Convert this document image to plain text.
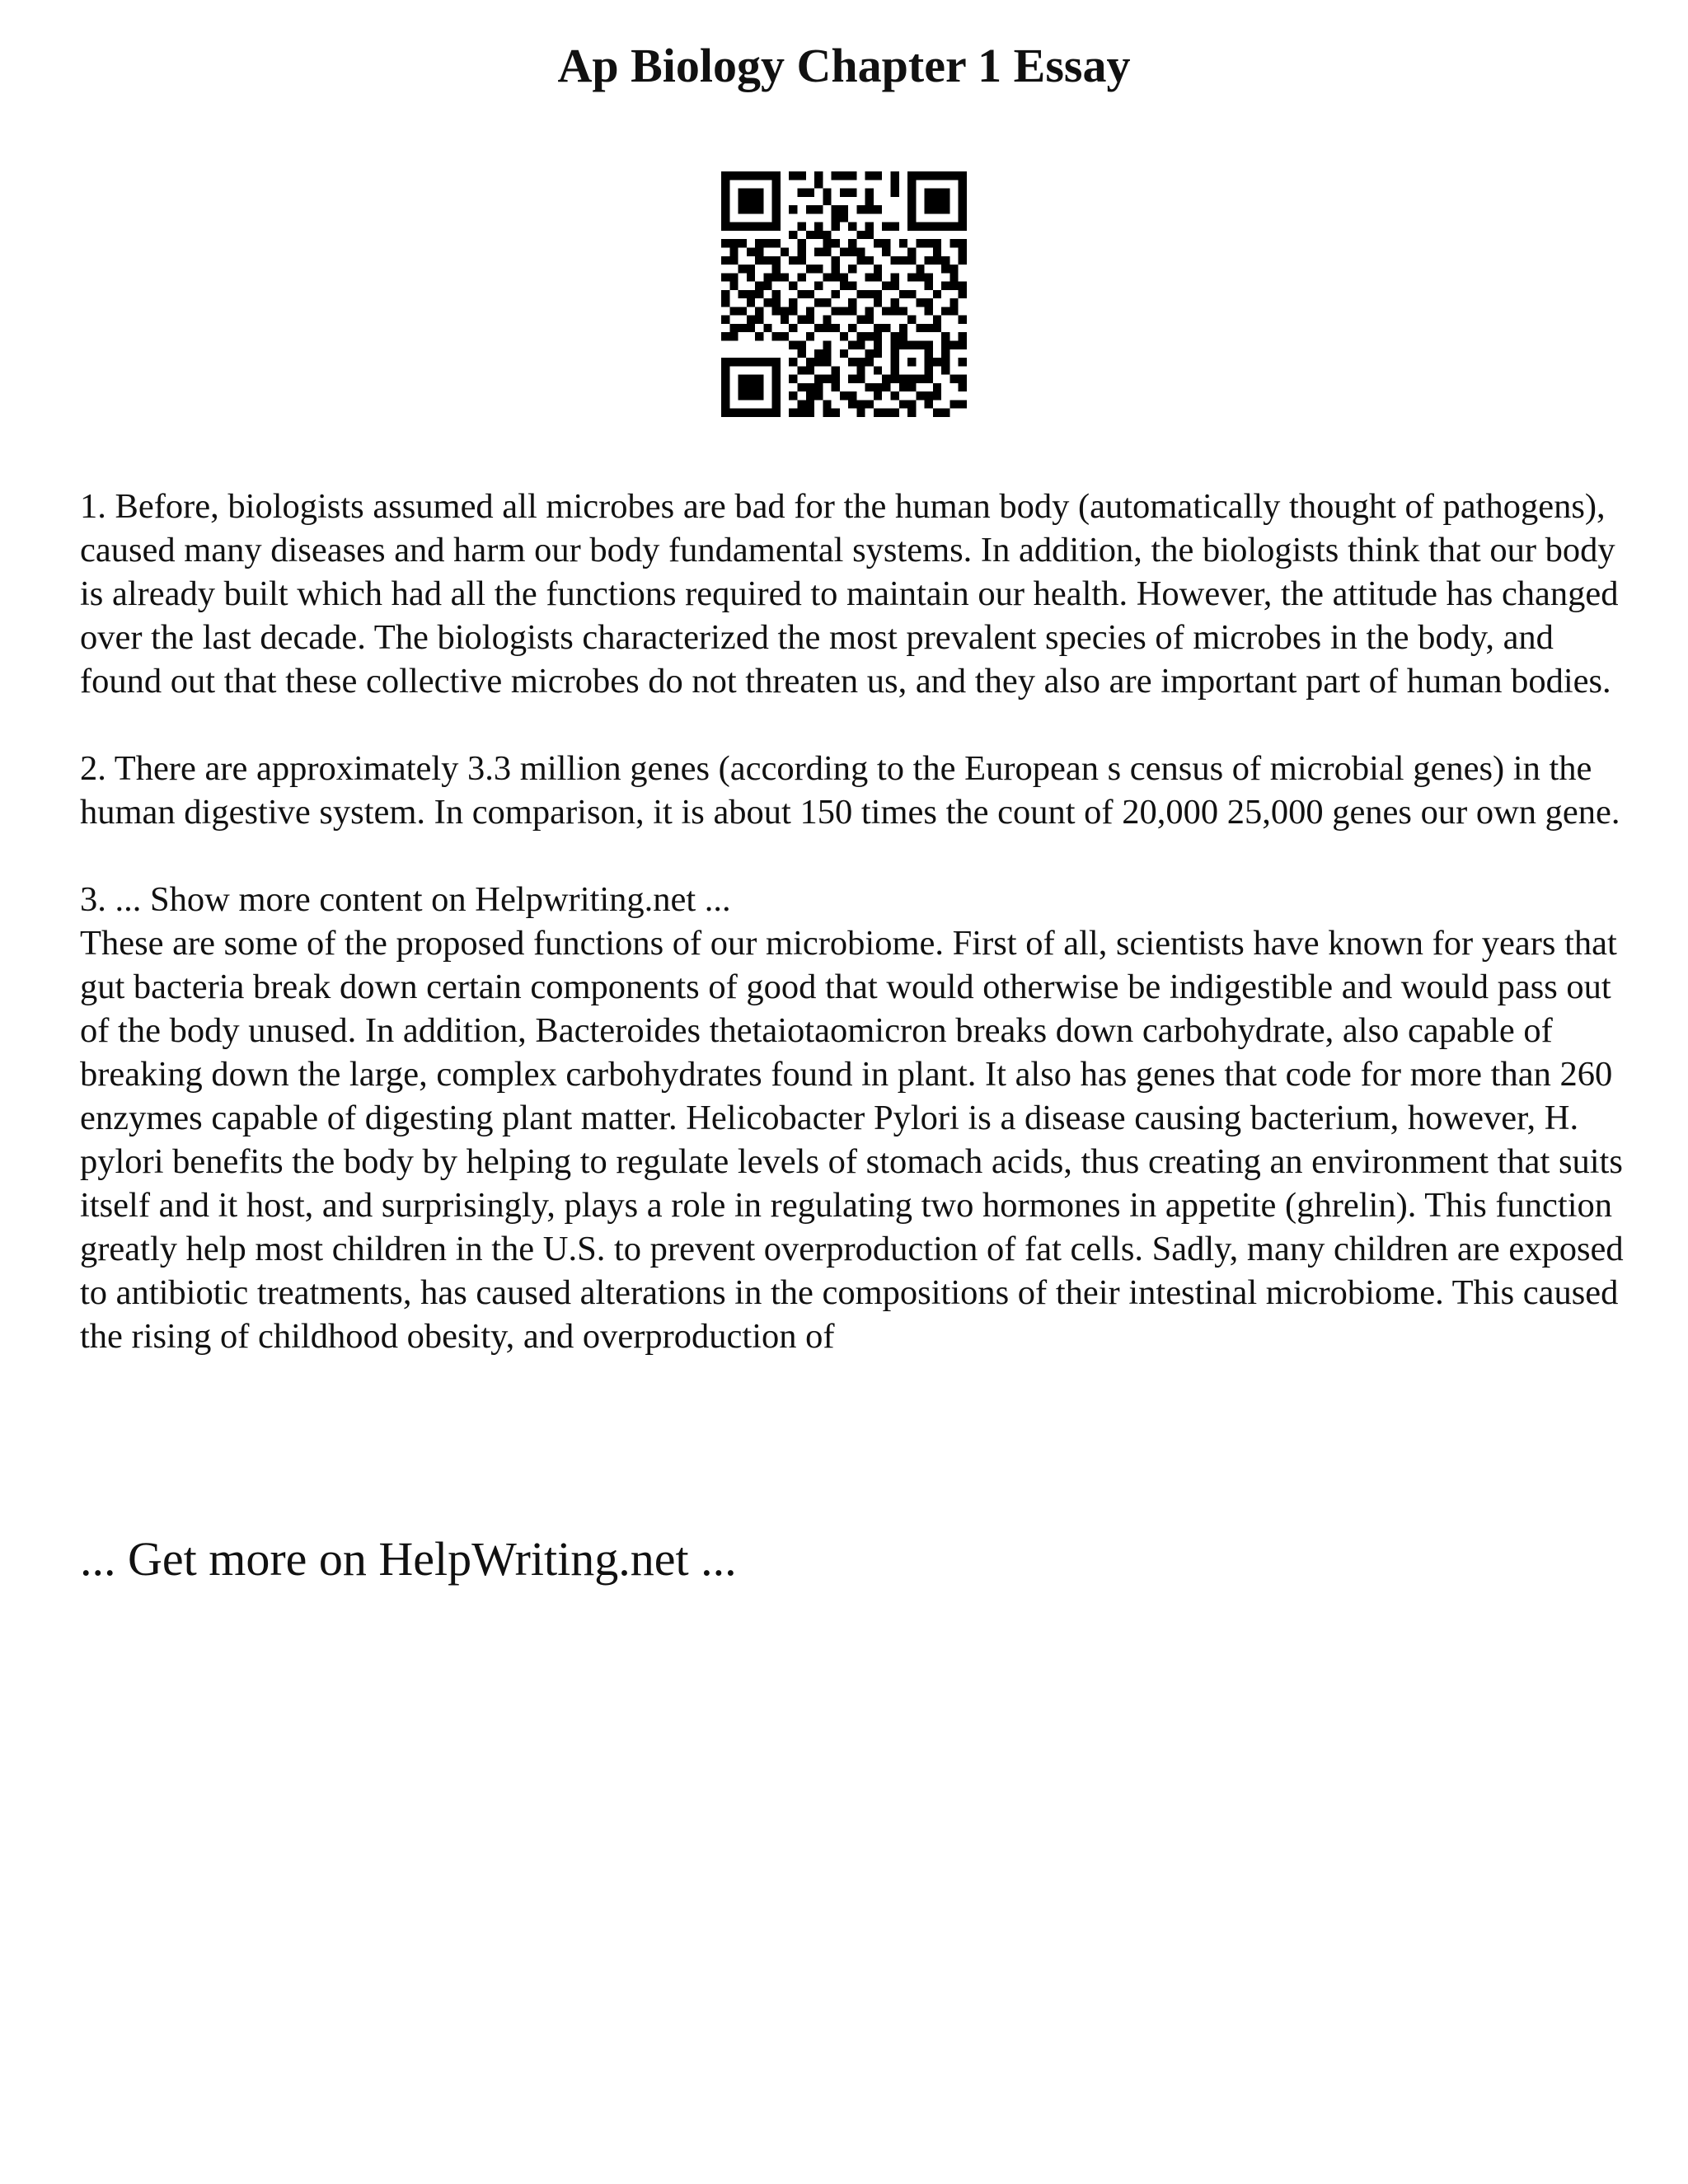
Ap Biology Chapter 1 Essay

1. Before, biologists assumed all microbes are bad for the human body (automatically thought of pathogens), caused many diseases and harm our body fundamental systems. In addition, the biologists think that our body is already built which had all the functions required to maintain our health. However, the attitude has changed over the last decade. The biologists characterized the most prevalent species of microbes in the body, and found out that these collective microbes do not threaten us, and they also are important part of human bodies.

2. There are approximately 3.3 million genes (according to the European s census of microbial genes) in the human digestive system. In comparison, it is about 150 times the count of 20,000 25,000 genes our own gene.

3. ... Show more content on Helpwriting.net ...

These are some of the proposed functions of our microbiome. First of all, scientists have known for years that gut bacteria break down certain components of good that would otherwise be indigestible and would pass out of the body unused. In addition, Bacteroides thetaiotaomicron breaks down carbohydrate, also capable of breaking down the large, complex carbohydrates found in plant. It also has genes that code for more than 260 enzymes capable of digesting plant matter. Helicobacter Pylori is a disease causing bacterium, however, H. pylori benefits the body by helping to regulate levels of stomach acids, thus creating an environment that suits itself and it host, and surprisingly, plays a role in regulating two hormones in appetite (ghrelin). This function greatly help most children in the U.S. to prevent overproduction of fat cells. Sadly, many children are exposed to antibiotic treatments, has caused alterations in the compositions of their intestinal microbiome. This caused the rising of childhood obesity, and overproduction of

... Get more on HelpWriting.net ...
